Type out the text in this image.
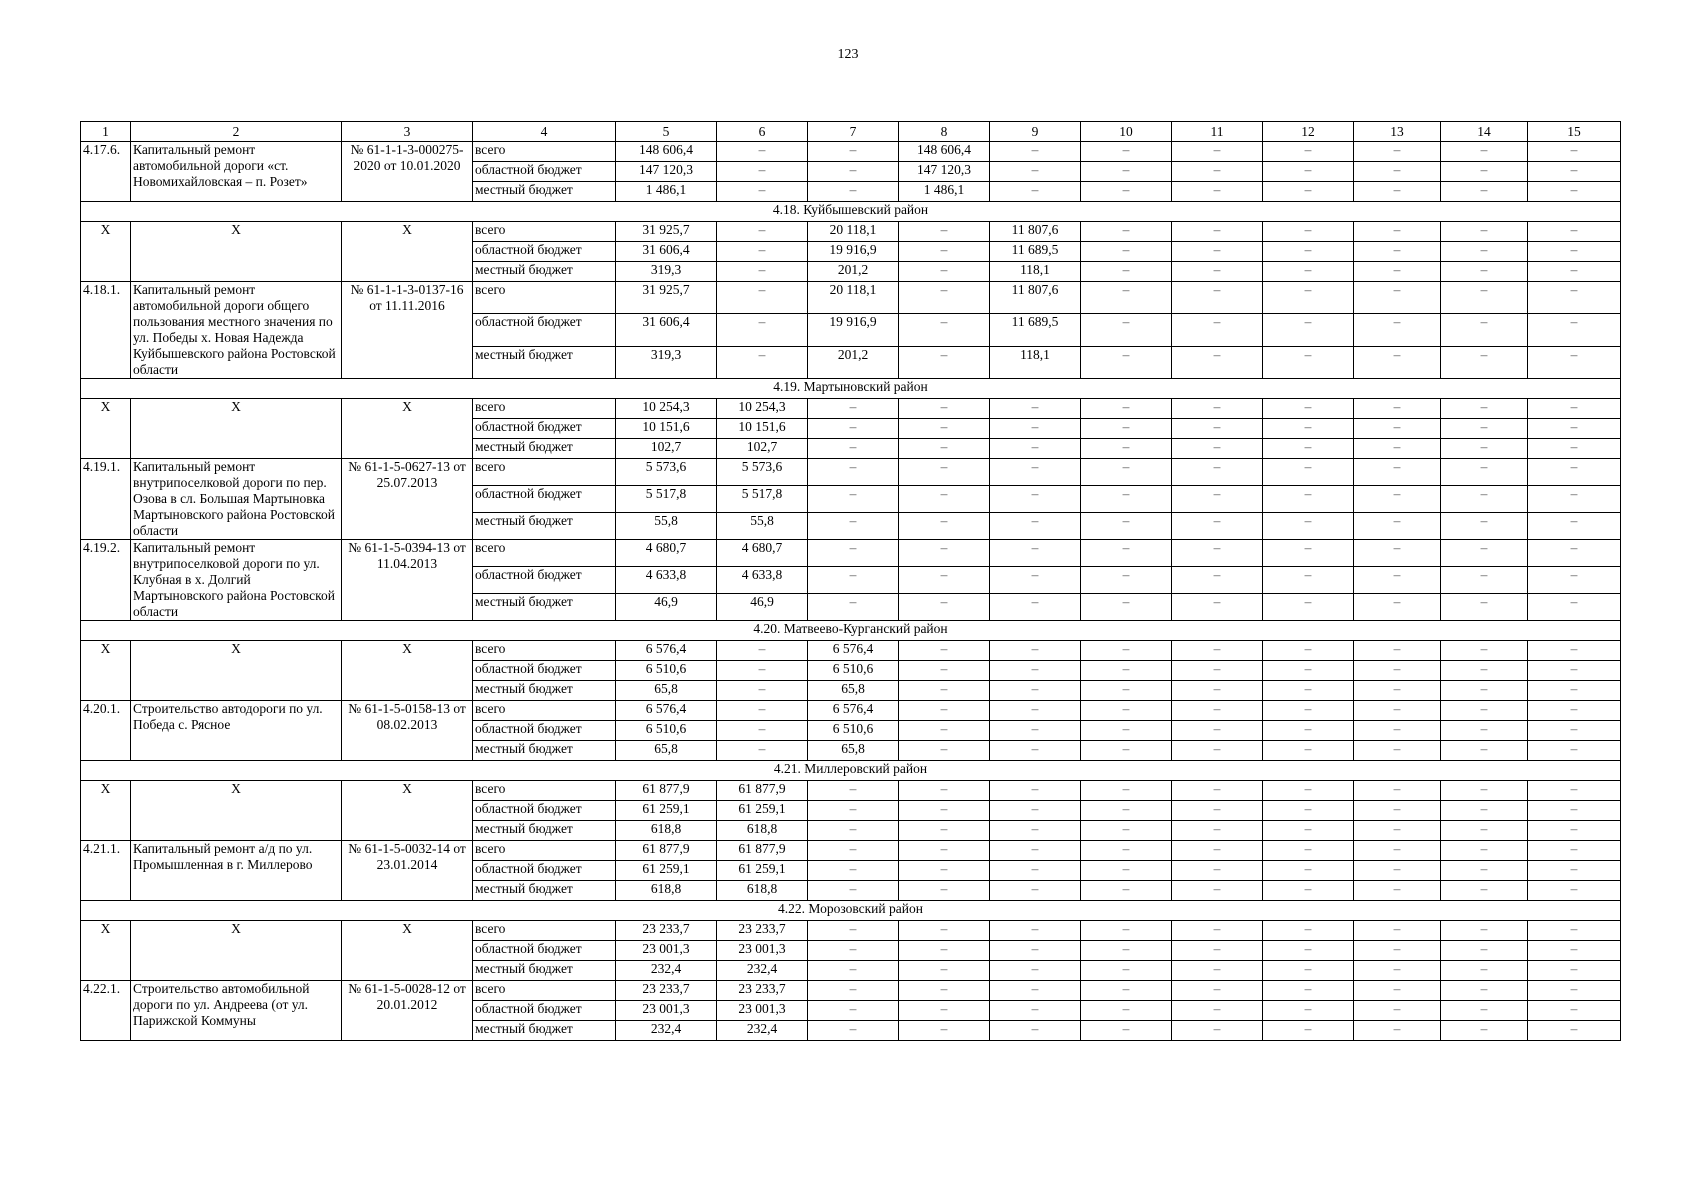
123
1	2	3	4	5	6	7	8	9	10	11	12	13	14	15
4.17.6.	Капитальный ремонт автомобильной дороги «ст. Новомихайловская – п. Розет»	№ 61-1-1-3-000275-2020 от 10.01.2020	всего	148 606,4	–	–	148 606,4	–	–	–	–	–	–	–
			областной бюджет	147 120,3	–	–	147 120,3	–	–	–	–	–	–	–
			местный бюджет	1 486,1	–	–	1 486,1	–	–	–	–	–	–	–
4.18. Куйбышевский район														
Х	Х	Х	всего	31 925,7	–	20 118,1	–	11 807,6	–	–	–	–	–	–
			областной бюджет	31 606,4	–	19 916,9	–	11 689,5	–	–	–	–	–	–
			местный бюджет	319,3	–	201,2	–	118,1	–	–	–	–	–	–
4.18.1.	Капитальный ремонт автомобильной дороги общего пользования местного значения по ул. Победы х. Новая Надежда Куйбышевского района Ростовской области	№ 61-1-1-3-0137-16 от 11.11.2016	всего	31 925,7	–	20 118,1	–	11 807,6	–	–	–	–	–	–
			областной бюджет	31 606,4	–	19 916,9	–	11 689,5	–	–	–	–	–	–
			местный бюджет	319,3	–	201,2	–	118,1	–	–	–	–	–	–
4.19. Мартыновский район														
Х	Х	Х	всего	10 254,3	10 254,3	–	–	–	–	–	–	–	–	–
			областной бюджет	10 151,6	10 151,6	–	–	–	–	–	–	–	–	–
			местный бюджет	102,7	102,7	–	–	–	–	–	–	–	–	–
4.19.1.	Капитальный ремонт внутрипоселковой дороги по пер. Озова в сл. Большая Мартыновка Мартыновского района Ростовской области	№ 61-1-5-0627-13 от 25.07.2013	всего	5 573,6	5 573,6	–	–	–	–	–	–	–	–	–
			областной бюджет	5 517,8	5 517,8	–	–	–	–	–	–	–	–	–
			местный бюджет	55,8	55,8	–	–	–	–	–	–	–	–	–
4.19.2.	Капитальный ремонт внутрипоселковой дороги по ул. Клубная в х. Долгий Мартыновского района Ростовской области	№ 61-1-5-0394-13 от 11.04.2013	всего	4 680,7	4 680,7	–	–	–	–	–	–	–	–	–
			областной бюджет	4 633,8	4 633,8	–	–	–	–	–	–	–	–	–
			местный бюджет	46,9	46,9	–	–	–	–	–	–	–	–	–
4.20. Матвеево-Курганский район														
Х	Х	Х	всего	6 576,4	–	6 576,4	–	–	–	–	–	–	–	–
			областной бюджет	6 510,6	–	6 510,6	–	–	–	–	–	–	–	–
			местный бюджет	65,8	–	65,8	–	–	–	–	–	–	–	–
4.20.1.	Строительство автодороги по ул. Победа с. Рясное	№ 61-1-5-0158-13 от 08.02.2013	всего	6 576,4	–	6 576,4	–	–	–	–	–	–	–	–
			областной бюджет	6 510,6	–	6 510,6	–	–	–	–	–	–	–	–
			местный бюджет	65,8	–	65,8	–	–	–	–	–	–	–	–
4.21. Миллеровский район														
Х	Х	Х	всего	61 877,9	61 877,9	–	–	–	–	–	–	–	–	–
			областной бюджет	61 259,1	61 259,1	–	–	–	–	–	–	–	–	–
			местный бюджет	618,8	618,8	–	–	–	–	–	–	–	–	–
4.21.1.	Капитальный ремонт а/д по ул. Промышленная в г. Миллерово	№ 61-1-5-0032-14 от 23.01.2014	всего	61 877,9	61 877,9	–	–	–	–	–	–	–	–	–
			областной бюджет	61 259,1	61 259,1	–	–	–	–	–	–	–	–	–
			местный бюджет	618,8	618,8	–	–	–	–	–	–	–	–	–
4.22. Морозовский район														
Х	Х	Х	всего	23 233,7	23 233,7	–	–	–	–	–	–	–	–	–
			областной бюджет	23 001,3	23 001,3	–	–	–	–	–	–	–	–	–
			местный бюджет	232,4	232,4	–	–	–	–	–	–	–	–	–
4.22.1.	Строительство автомобильной дороги по ул. Андреева (от ул. Парижской Коммуны	№ 61-1-5-0028-12 от 20.01.2012	всего	23 233,7	23 233,7	–	–	–	–	–	–	–	–	–
			областной бюджет	23 001,3	23 001,3	–	–	–	–	–	–	–	–	–
			местный бюджет	232,4	232,4	–	–	–	–	–	–	–	–	–
